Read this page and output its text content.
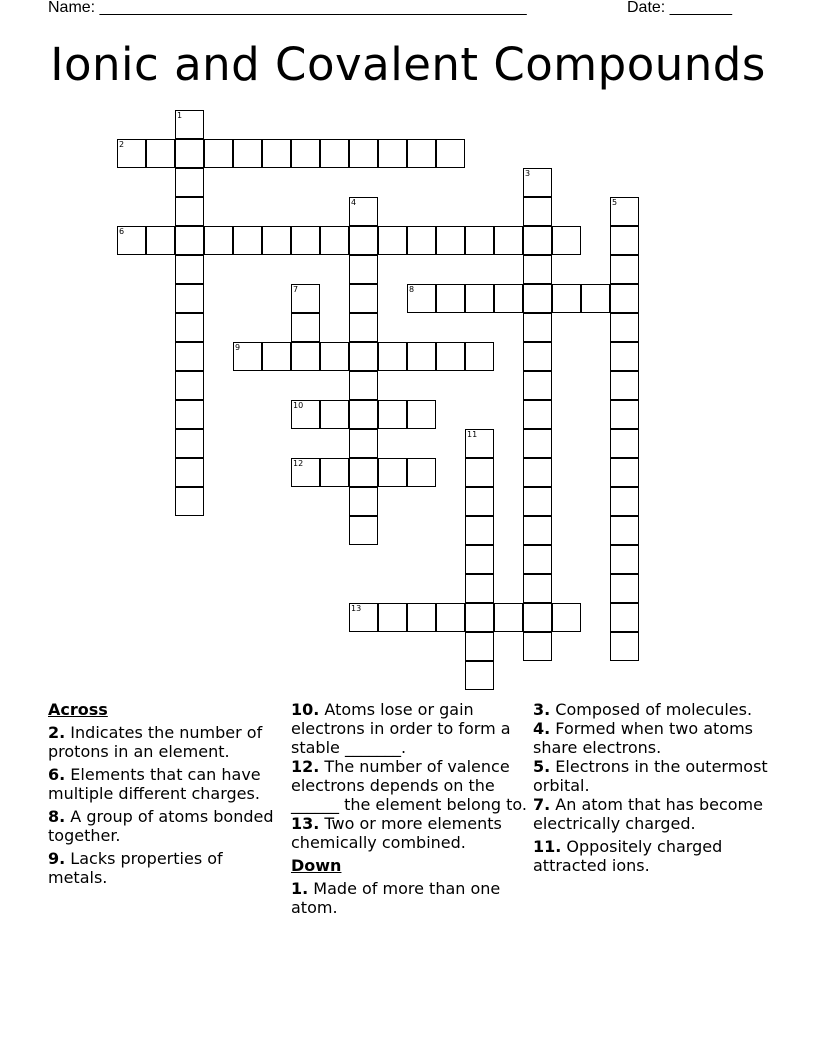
Name: ________________________________________________	Date: _______
Ionic and Covalent Compounds
2
6
8
9
10
12
13
1
3
4	5
7
11
Across

2. Indicates the number of protons in an element.

6. Elements that can have multiple different charges.

8. A group of atoms bonded together.

9. Lacks properties of metals.

10. Atoms lose or gain electrons in order to form a stable _______.

12. The number of valence electrons depends on the ______ the element belong to.

13. Two or more elements chemically combined.

Down

1. Made of more than one atom.

3. Composed of molecules.

4. Formed when two atoms share electrons.

5. Electrons in the outermost orbital.

7. An atom that has become electrically charged.

11. Oppositely charged attracted ions.
